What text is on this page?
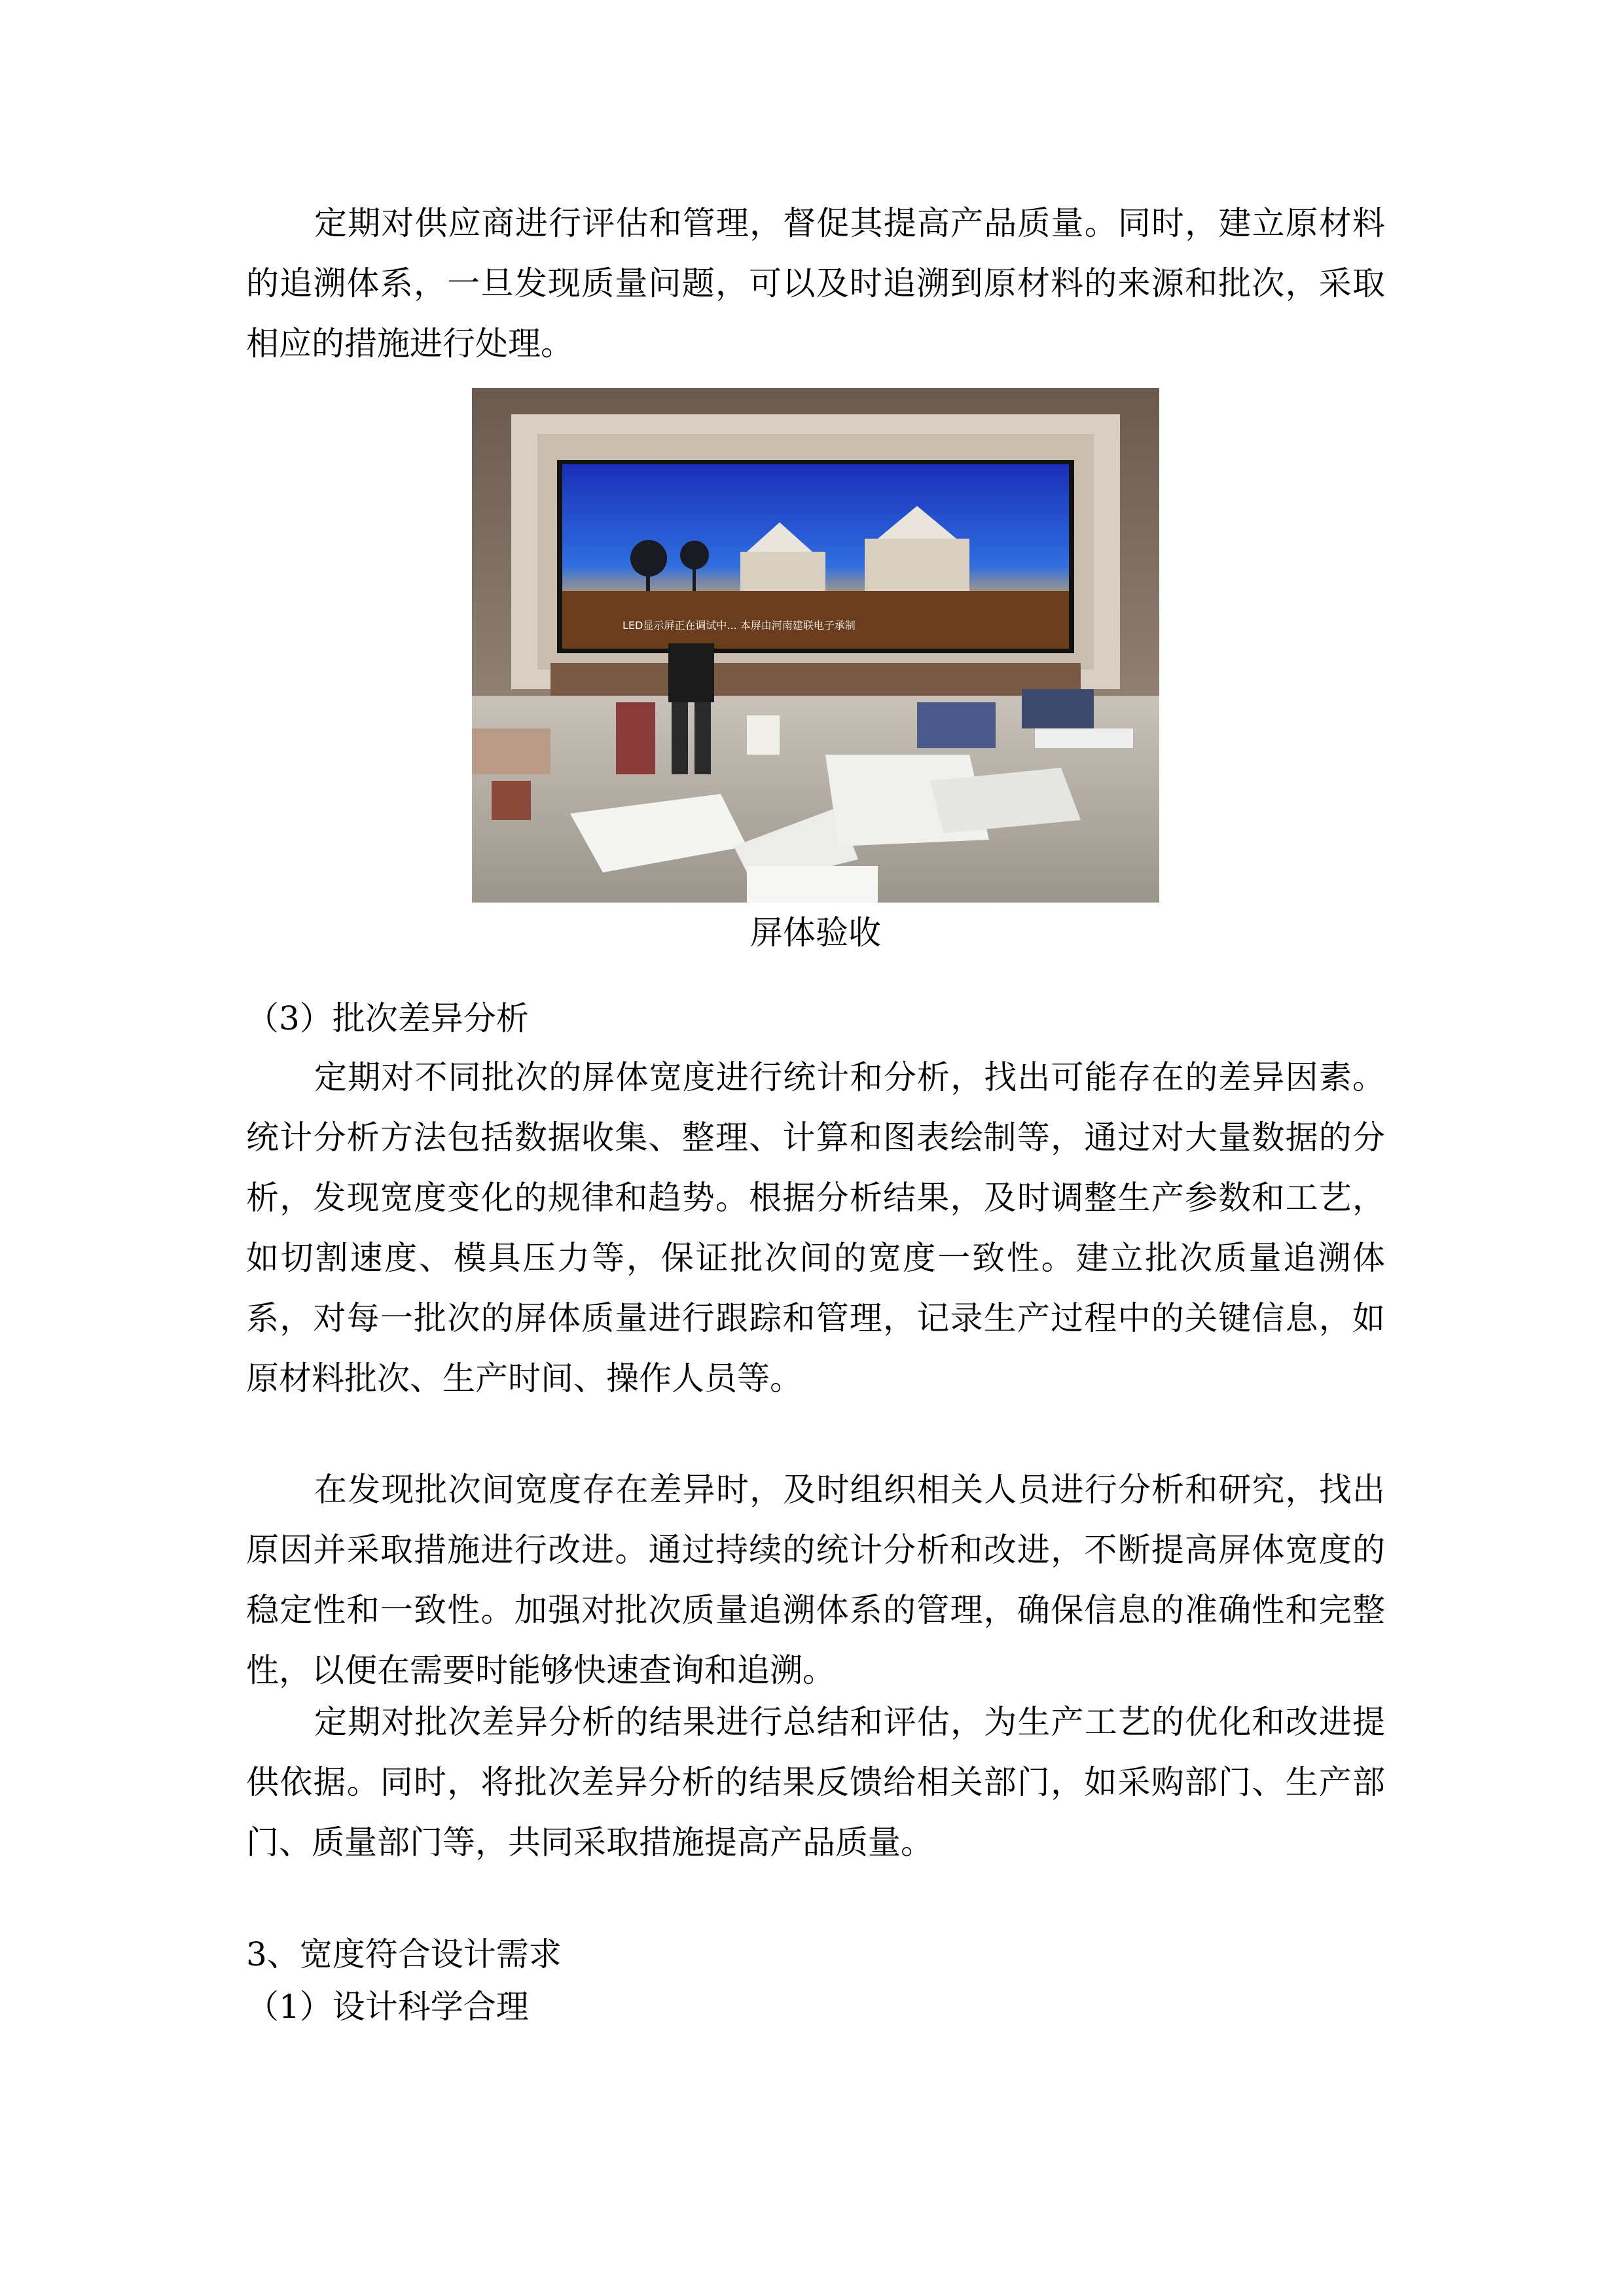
定期对供应商进行评估和管理，督促其提高产品质量。同时，建立原材料的追溯体系，一旦发现质量问题，可以及时追溯到原材料的来源和批次，采取相应的措施进行处理。

LED显示屏正在调试中... 本屏由河南建联电子承制
屏体验收

（3）批次差异分析

定期对不同批次的屏体宽度进行统计和分析，找出可能存在的差异因素。统计分析方法包括数据收集、整理、计算和图表绘制等，通过对大量数据的分析，发现宽度变化的规律和趋势。根据分析结果，及时调整生产参数和工艺，如切割速度、模具压力等，保证批次间的宽度一致性。建立批次质量追溯体系，对每一批次的屏体质量进行跟踪和管理，记录生产过程中的关键信息，如原材料批次、生产时间、操作人员等。

在发现批次间宽度存在差异时，及时组织相关人员进行分析和研究，找出原因并采取措施进行改进。通过持续的统计分析和改进，不断提高屏体宽度的稳定性和一致性。加强对批次质量追溯体系的管理，确保信息的准确性和完整性，以便在需要时能够快速查询和追溯。

定期对批次差异分析的结果进行总结和评估，为生产工艺的优化和改进提供依据。同时，将批次差异分析的结果反馈给相关部门，如采购部门、生产部门、质量部门等，共同采取措施提高产品质量。

3、宽度符合设计需求

（1）设计科学合理
